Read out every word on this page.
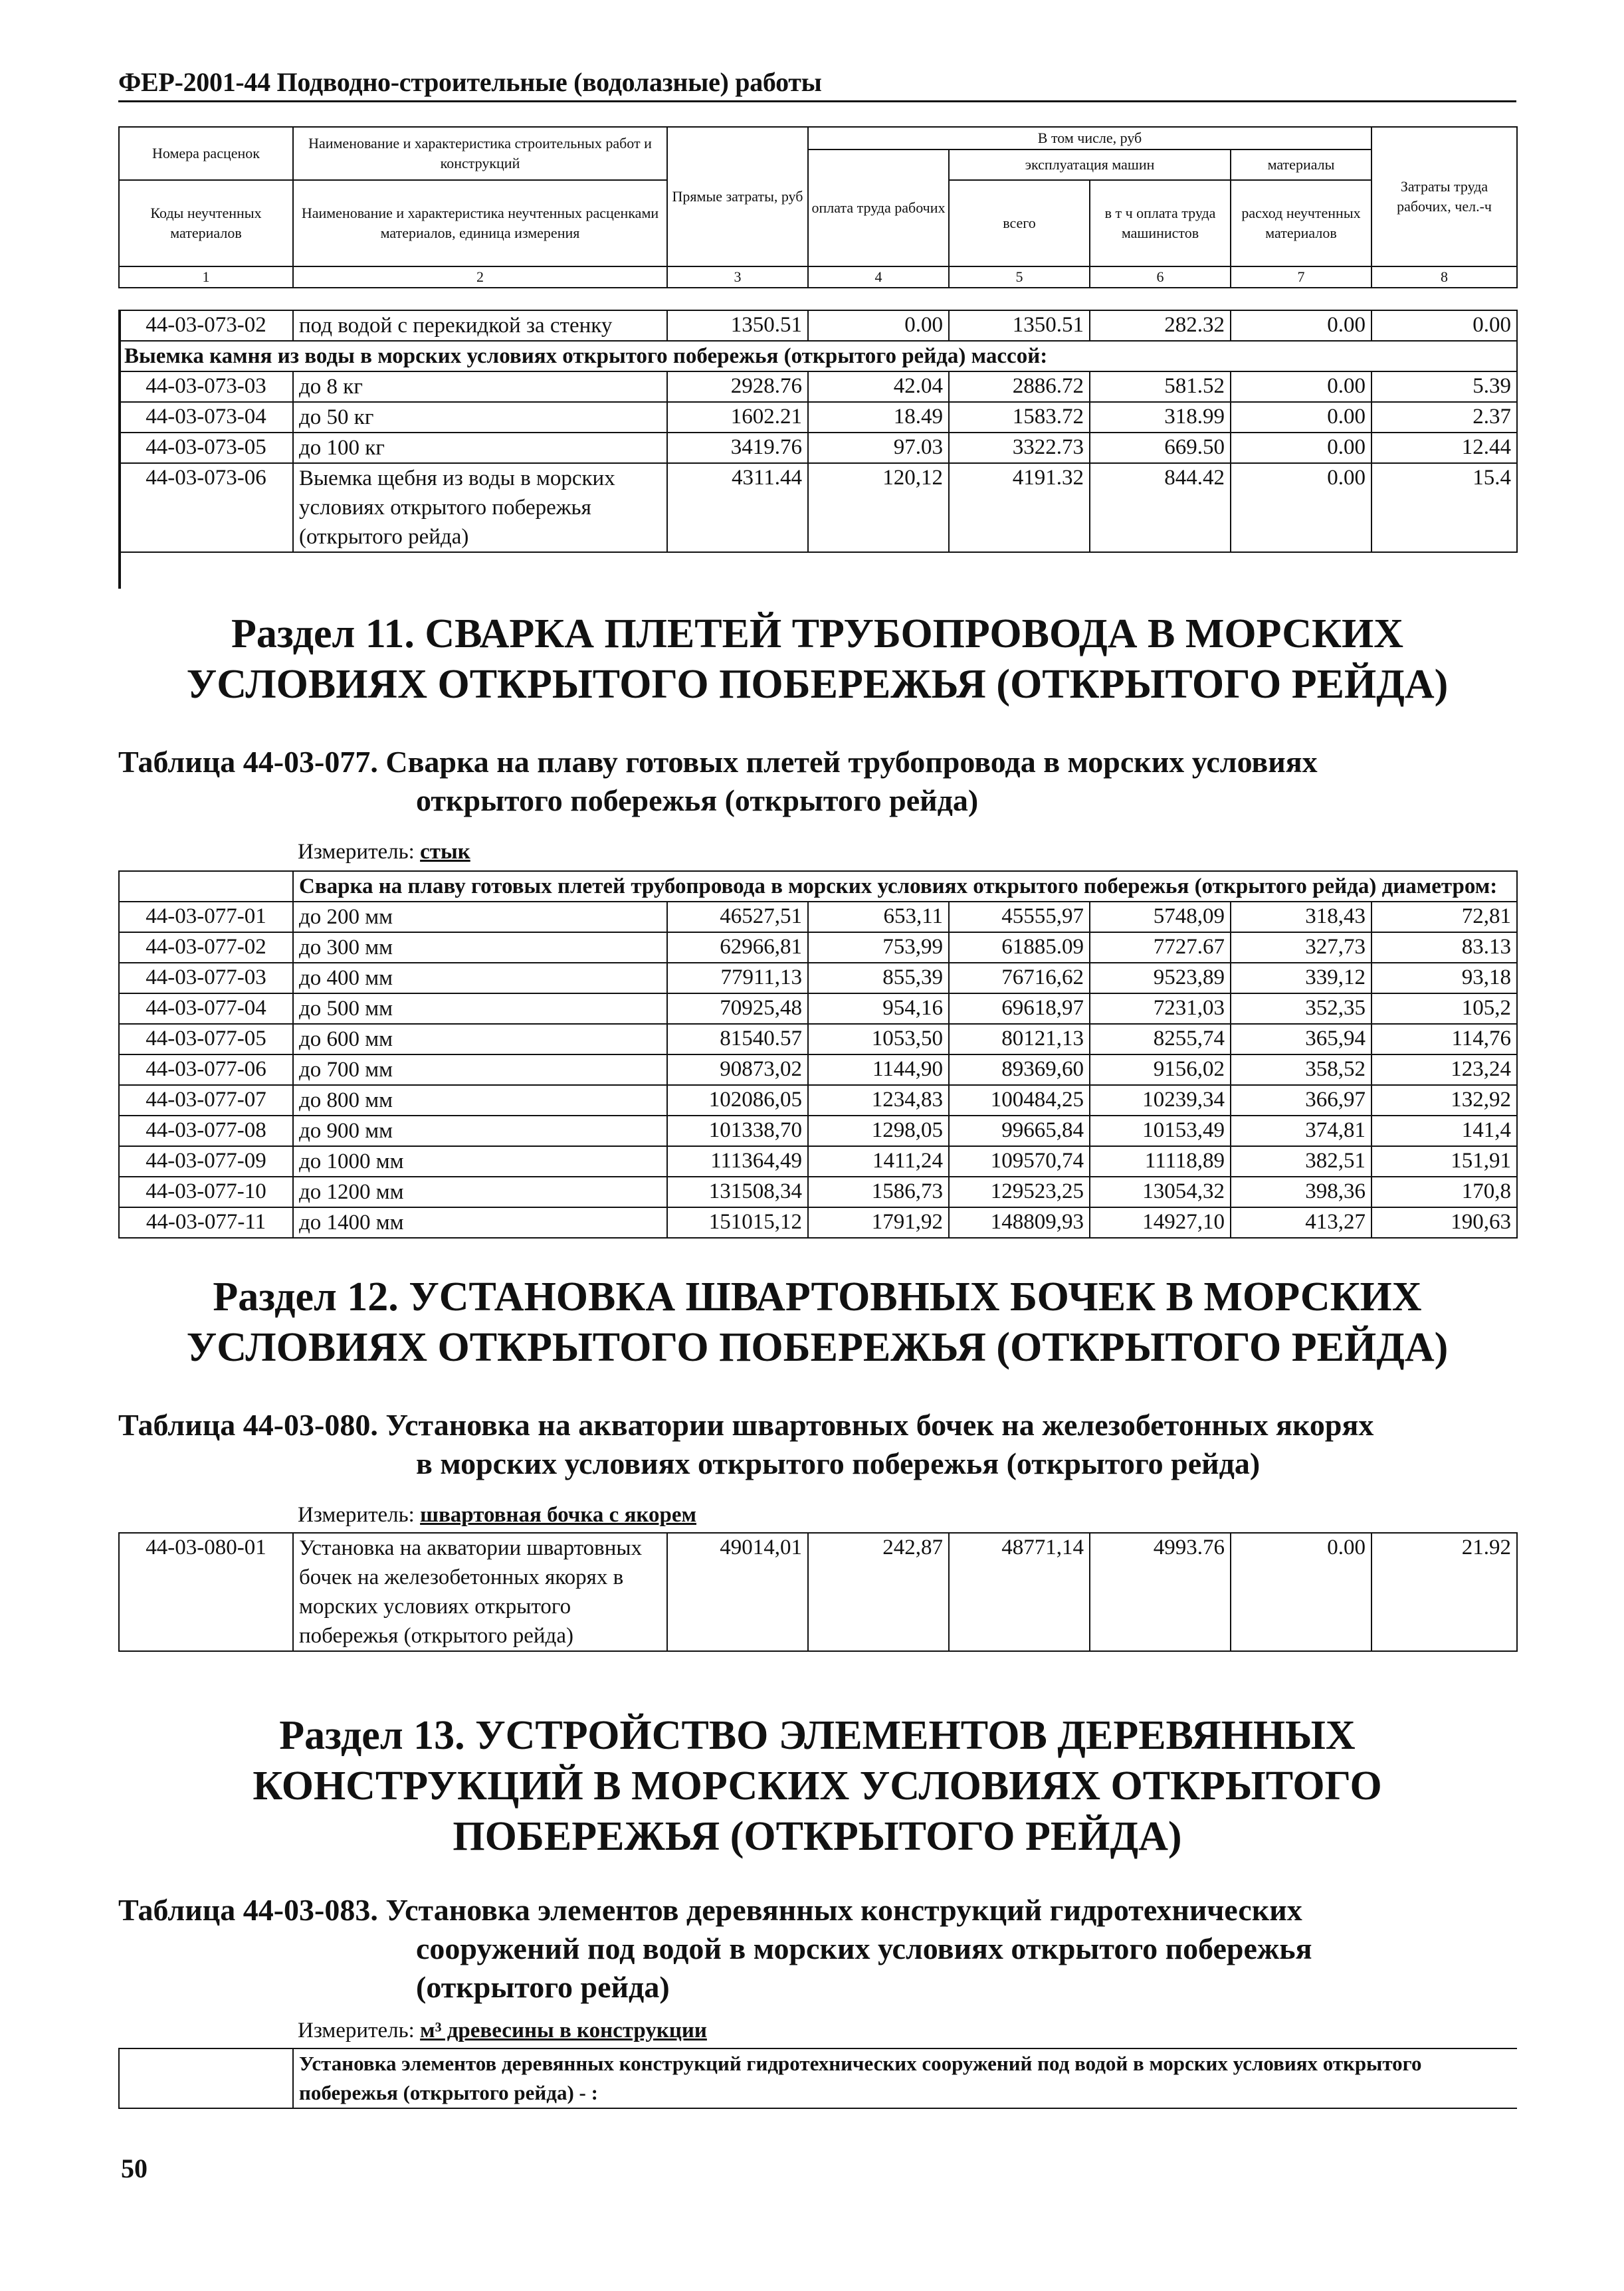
ФЕР-2001-44 Подводно-строительные (водолазные) работы
Номера расценок	Наименование и характеристика строительных работ и конструкций	Прямые затраты, руб	В том числе, руб				Затраты труда рабочих, чел.-ч
			оплата труда рабочих	эксплуатация машин		материалы	
Коды неучтенных материалов	Наименование и характеристика неучтенных расценками материалов, единица измерения			всего	в т ч оплата труда машинистов	расход неучтенных материалов	

1	2	3	4	5	6	7	8
44-03-073-02	под водой с перекидкой за стенку	1350.51	0.00	1350.51	282.32	0.00	0.00
Выемка камня из воды в морских условиях открытого побережья (открытого рейда) массой:							
44-03-073-03	до 8 кг	2928.76	42.04	2886.72	581.52	0.00	5.39
44-03-073-04	до 50 кг	1602.21	18.49	1583.72	318.99	0.00	2.37
44-03-073-05	до 100 кг	3419.76	97.03	3322.73	669.50	0.00	12.44
44-03-073-06	Выемка щебня из воды в морских условиях открытого побережья (открытого рейда)	4311.44	120,12	4191.32	844.42	0.00	15.4
Раздел 11. СВАРКА ПЛЕТЕЙ ТРУБОПРОВОДА В МОРСКИХ УСЛОВИЯХ ОТКРЫТОГО ПОБЕРЕЖЬЯ (ОТКРЫТОГО РЕЙДА)
Таблица 44-03-077. Сварка на плаву готовых плетей трубопровода в морских условиях
открытого побережья (открытого рейда)
Измеритель: стык
	Сварка на плаву готовых плетей трубопровода в морских условиях открытого побережья (открытого рейда) диаметром:						
44-03-077-01	до 200 мм	46527,51	653,11	45555,97	5748,09	318,43	72,81
44-03-077-02	до 300 мм	62966,81	753,99	61885.09	7727.67	327,73	83.13
44-03-077-03	до 400 мм	77911,13	855,39	76716,62	9523,89	339,12	93,18
44-03-077-04	до 500 мм	70925,48	954,16	69618,97	7231,03	352,35	105,2
44-03-077-05	до 600 мм	81540.57	1053,50	80121,13	8255,74	365,94	114,76
44-03-077-06	до 700 мм	90873,02	1144,90	89369,60	9156,02	358,52	123,24
44-03-077-07	до 800 мм	102086,05	1234,83	100484,25	10239,34	366,97	132,92
44-03-077-08	до 900 мм	101338,70	1298,05	99665,84	10153,49	374,81	141,4
44-03-077-09	до 1000 мм	111364,49	1411,24	109570,74	11118,89	382,51	151,91
44-03-077-10	до 1200 мм	131508,34	1586,73	129523,25	13054,32	398,36	170,8
44-03-077-11	до 1400 мм	151015,12	1791,92	148809,93	14927,10	413,27	190,63
Раздел 12. УСТАНОВКА ШВАРТОВНЫХ БОЧЕК В МОРСКИХ УСЛОВИЯХ ОТКРЫТОГО ПОБЕРЕЖЬЯ (ОТКРЫТОГО РЕЙДА)
Таблица 44-03-080. Установка на акватории швартовных бочек на железобетонных якорях
в морских условиях открытого побережья (открытого рейда)
Измеритель: швартовная бочка с якорем
44-03-080-01	Установка на акватории швартовных бочек на железобетонных якорях в морских условиях открытого побережья (открытого рейда)	49014,01	242,87	48771,14	4993.76	0.00	21.92
Раздел 13. УСТРОЙСТВО ЭЛЕМЕНТОВ ДЕРЕВЯННЫХ КОНСТРУКЦИЙ В МОРСКИХ УСЛОВИЯХ ОТКРЫТОГО ПОБЕРЕЖЬЯ (ОТКРЫТОГО РЕЙДА)
Таблица 44-03-083. Установка элементов деревянных конструкций гидротехнических
сооружений под водой в морских условиях открытого побережья
(открытого рейда)
Измеритель: м³ древесины в конструкции
	Установка элементов деревянных конструкций гидротехнических сооружений под водой в морских условиях открытого побережья (открытого рейда) - :
50
